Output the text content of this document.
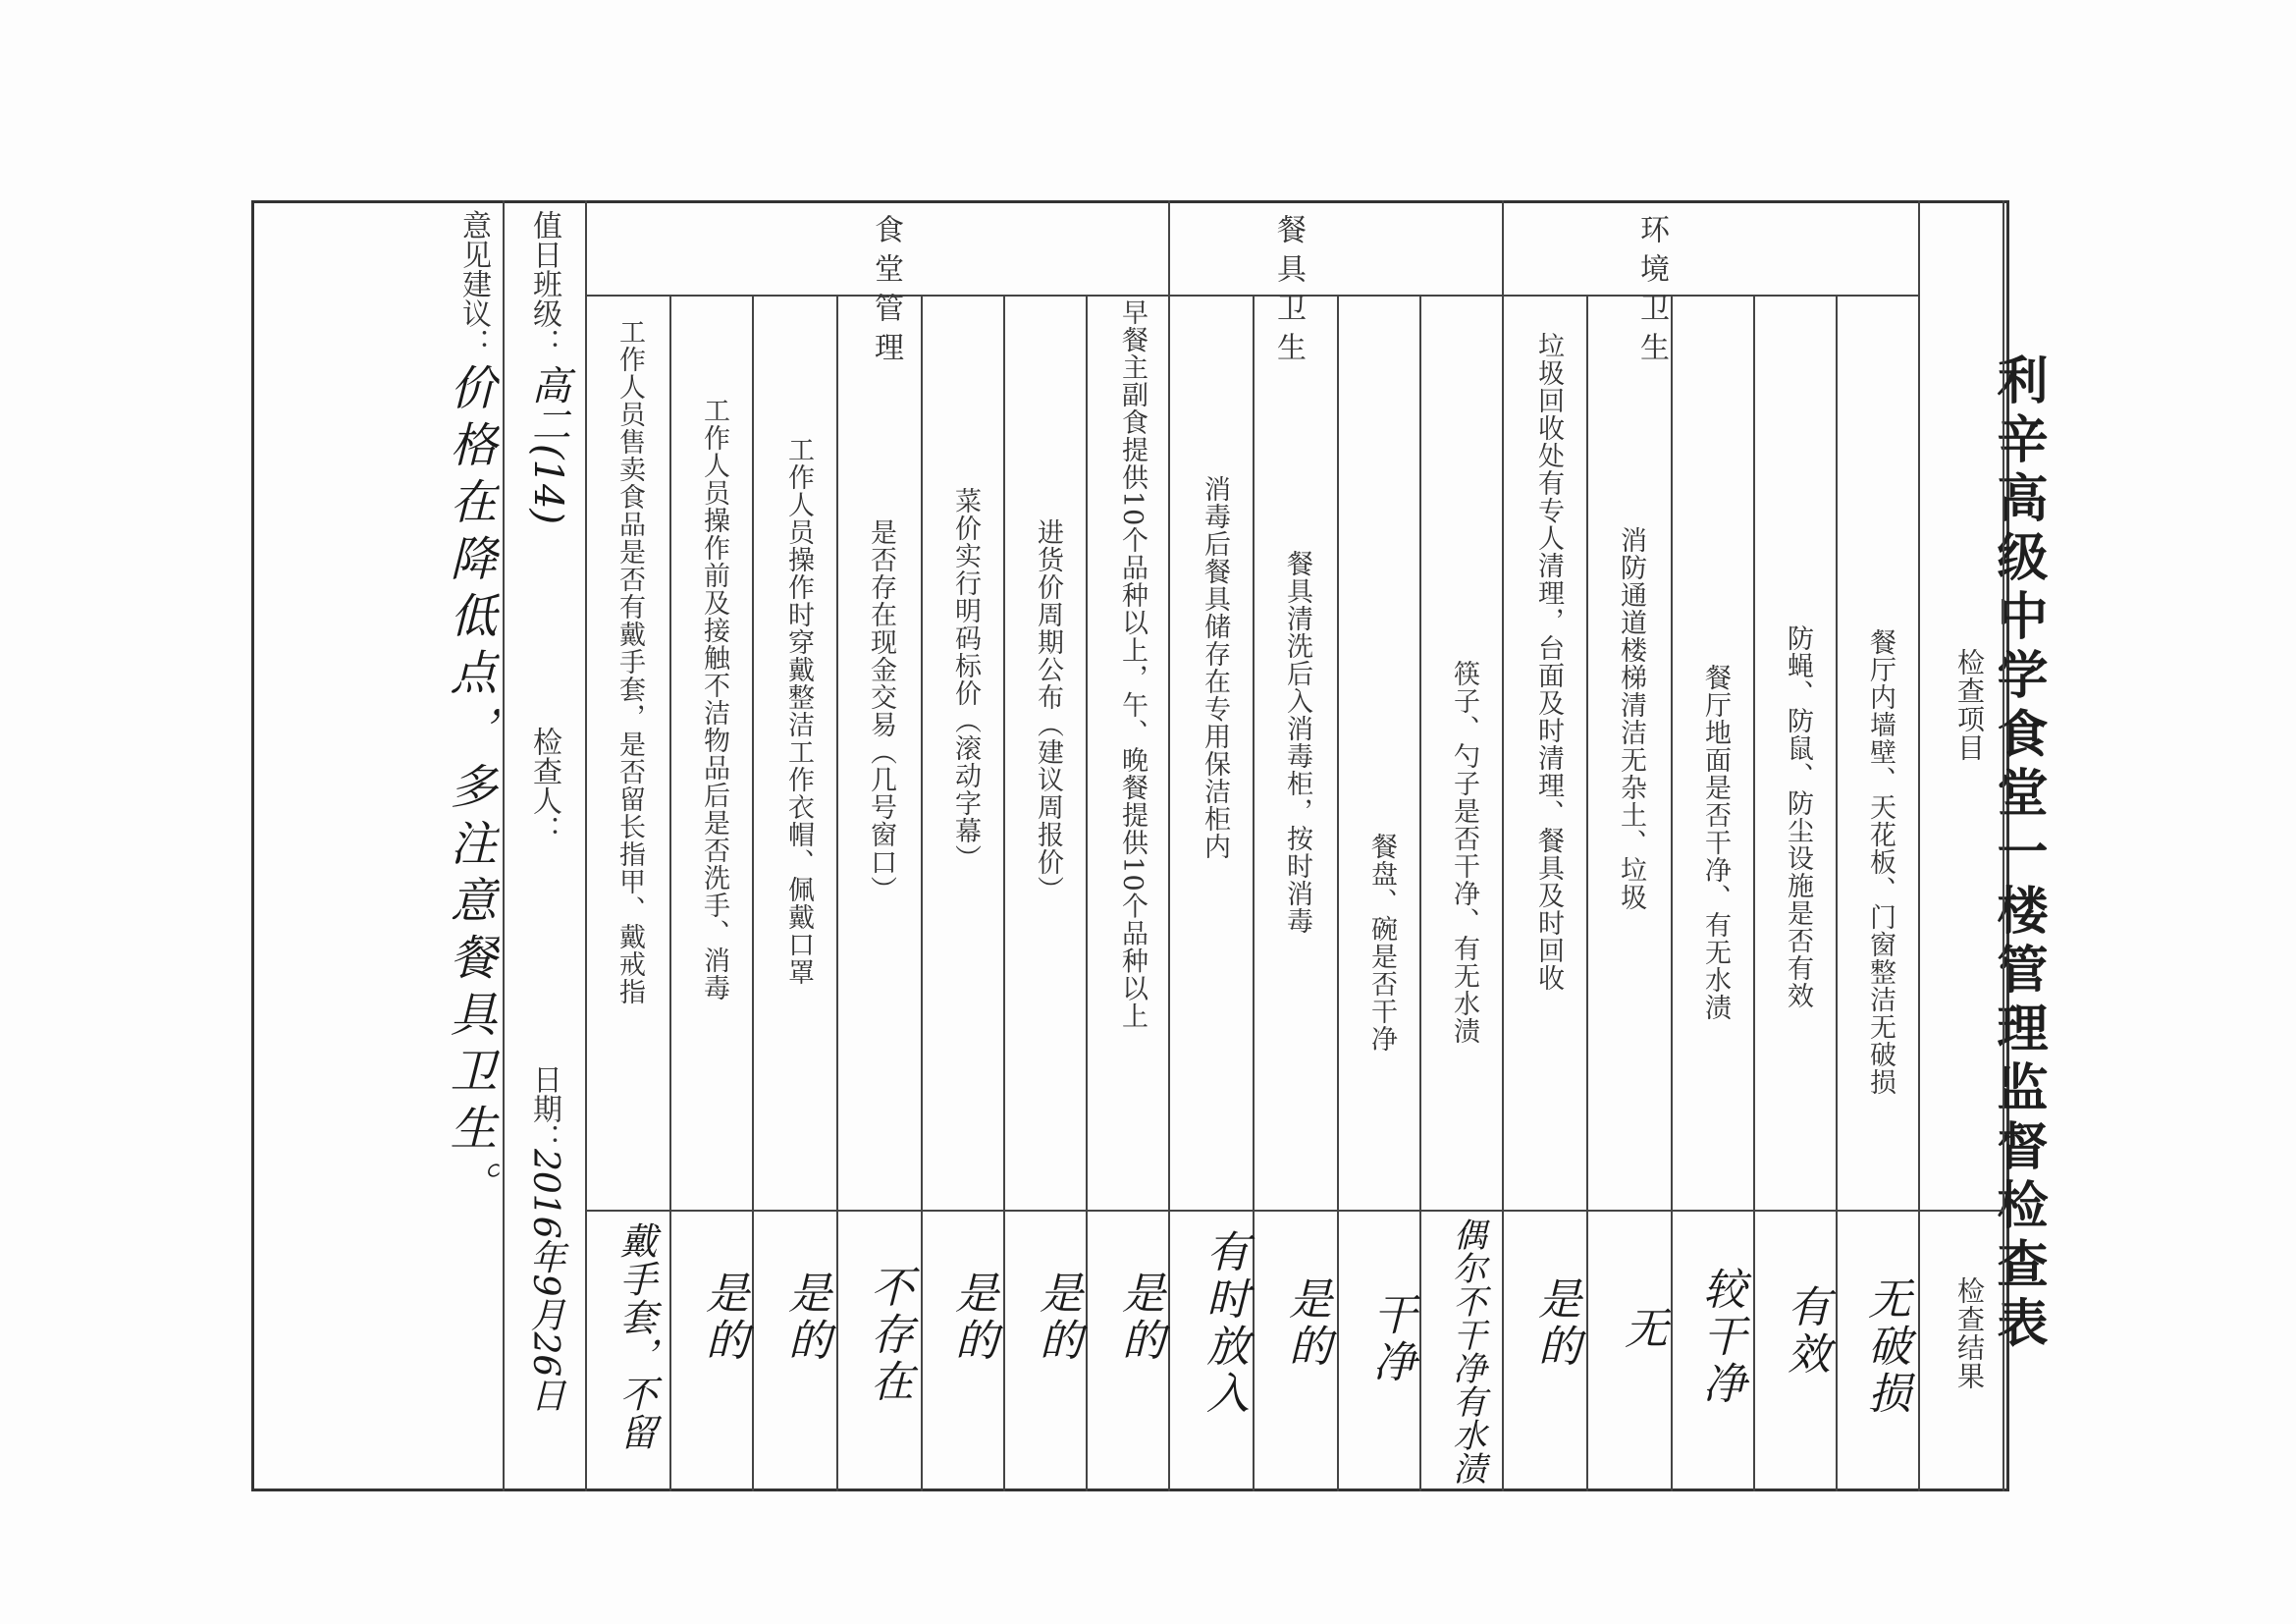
利辛高级中学食堂一楼管理监督检查表
检查项目
检查结果
环境卫生
餐具卫生
食堂管理
餐厅内墙壁、天花板、门窗整洁无破损
防蝇、防鼠、防尘设施是否有效
餐厅地面是否干净、有无水渍
消防通道楼梯清洁无杂土、垃圾
垃圾回收处有专人清理，台面及时清理、餐具及时回收
筷子、勺子是否干净、有无水渍
餐盘、碗是否干净
餐具清洗后入消毒柜，按时消毒
消毒后餐具储存在专用保洁柜内
早餐主副食提供10个品种以上，午、晚餐提供10个品种以上
进货价周期公布（建议周报价）
菜价实行明码标价（滚动字幕）
是否存在现金交易（几号窗口）
工作人员操作时穿戴整洁工作衣帽、佩戴口罩
工作人员操作前及接触不洁物品后是否洗手、消毒
工作人员售卖食品是否有戴手套，是否留长指甲、戴戒指
无破损
有效
较干净
无
是的
偶尔不干净有水渍
干净
是的
有时放入
是的
是的
是的
不存在
是的
是的
戴手套，不留
值日班级：
高二(14)
检查人：
日期：
2016年9月26日
意见建议：
价格在降低点，多注意餐具卫生。
